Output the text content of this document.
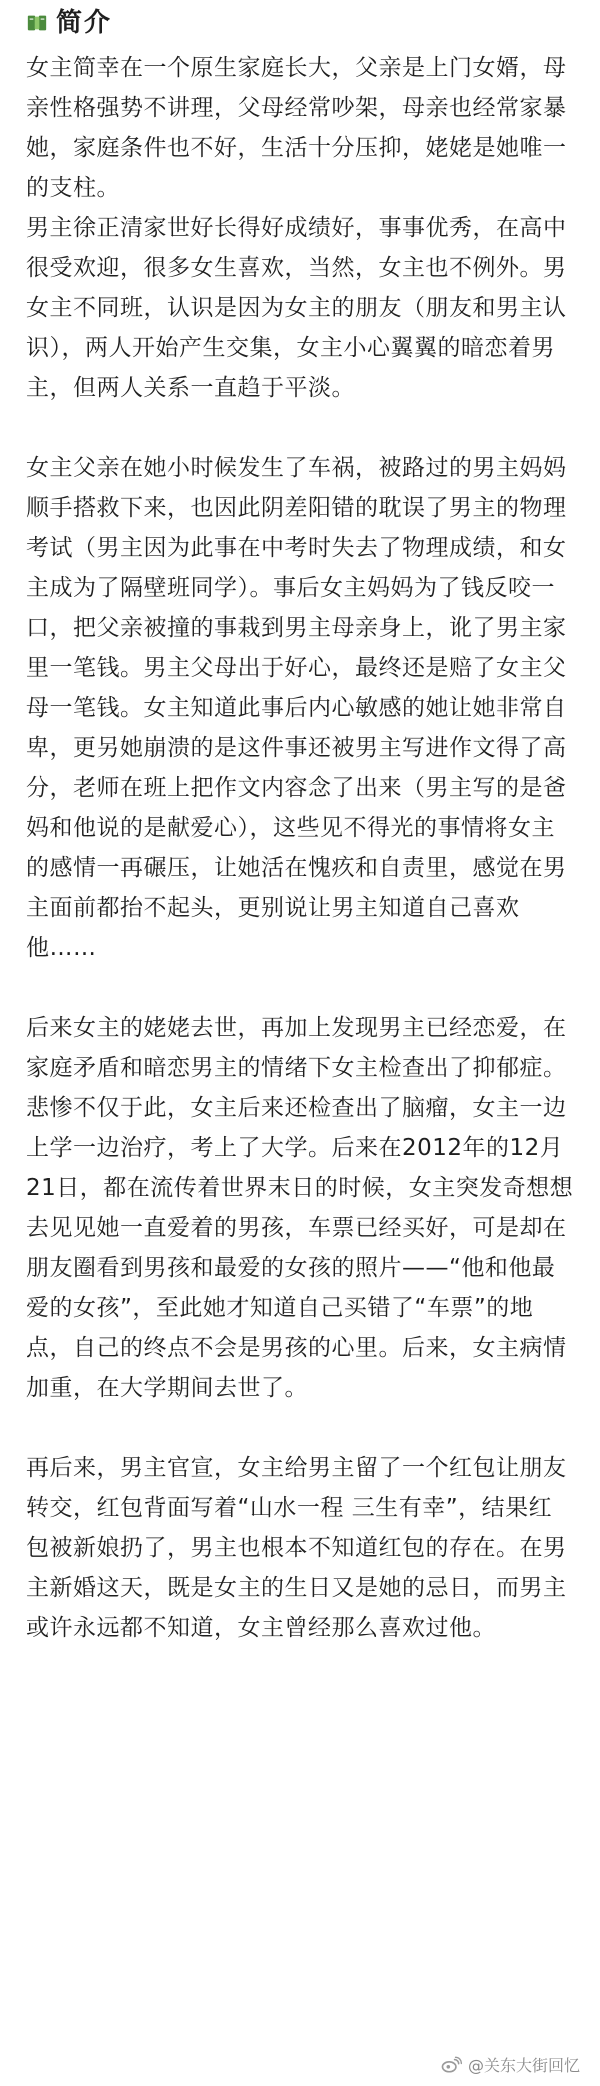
简介

女主简幸在一个原生家庭长大，父亲是上门女婿，母亲性格强势不讲理，父母经常吵架，母亲也经常家暴她，家庭条件也不好，生活十分压抑，姥姥是她唯一的支柱。

男主徐正清家世好长得好成绩好，事事优秀，在高中很受欢迎，很多女生喜欢，当然，女主也不例外。男女主不同班，认识是因为女主的朋友（朋友和男主认识），两人开始产生交集，女主小心翼翼的暗恋着男主，但两人关系一直趋于平淡。

女主父亲在她小时候发生了车祸，被路过的男主妈妈顺手搭救下来，也因此阴差阳错的耽误了男主的物理考试（男主因为此事在中考时失去了物理成绩，和女主成为了隔壁班同学）。事后女主妈妈为了钱反咬一口，把父亲被撞的事栽到男主母亲身上，讹了男主家里一笔钱。男主父母出于好心，最终还是赔了女主父母一笔钱。女主知道此事后内心敏感的她让她非常自卑，更另她崩溃的是这件事还被男主写进作文得了高分，老师在班上把作文内容念了出来（男主写的是爸妈和他说的是献爱心），这些见不得光的事情将女主的感情一再碾压，让她活在愧疚和自责里，感觉在男主面前都抬不起头，更别说让男主知道自己喜欢他……

后来女主的姥姥去世，再加上发现男主已经恋爱，在家庭矛盾和暗恋男主的情绪下女主检查出了抑郁症。悲惨不仅于此，女主后来还检查出了脑瘤，女主一边上学一边治疗，考上了大学。后来在2012年的12月21日，都在流传着世界末日的时候，女主突发奇想想去见见她一直爱着的男孩，车票已经买好，可是却在朋友圈看到男孩和最爱的女孩的照片——“他和他最爱的女孩”，至此她才知道自己买错了“车票”的地点，自己的终点不会是男孩的心里。后来，女主病情加重，在大学期间去世了。

再后来，男主官宣，女主给男主留了一个红包让朋友转交，红包背面写着“山水一程 三生有幸”，结果红包被新娘扔了，男主也根本不知道红包的存在。在男主新婚这天，既是女主的生日又是她的忌日，而男主或许永远都不知道，女主曾经那么喜欢过他。

@关东大街回忆
